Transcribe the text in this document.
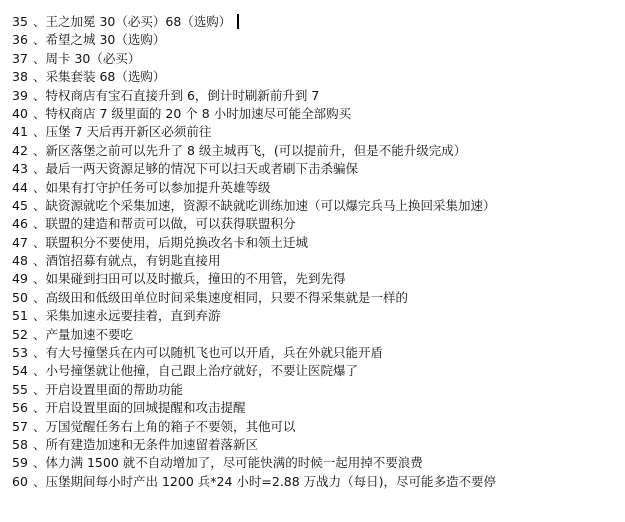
35 、王之加冕 30（必买）68（选购）
36 、希望之城 30（选购）
37 、周卡 30（必买）
38 、采集套装 68（选购）
39 、特权商店有宝石直接升到 6，倒计时刷新前升到 7
40 、特权商店 7 级里面的 20 个 8 小时加速尽可能全部购买
41 、压堡 7 天后再开新区必须前往
42 、新区落堡之前可以先升了 8 级主城再飞，(可以提前升，但是不能升级完成）
43 、最后一两天资源足够的情况下可以扫天或者刷下击杀骗保
44 、如果有打守护任务可以参加提升英雄等级
45 、缺资源就吃个采集加速，资源不缺就吃训练加速（可以爆完兵马上换回采集加速）
46 、联盟的建造和帮贡可以做，可以获得联盟积分
47 、联盟积分不要使用，后期兑换改名卡和领土迁城
48 、酒馆招募有就点，有钥匙直接用
49 、如果碰到扫田可以及时撤兵，撞田的不用管，先到先得
50 、高级田和低级田单位时间采集速度相同，只要不得采集就是一样的
51 、采集加速永远要挂着，直到弃游
52 、产量加速不要吃
53 、有大号撞堡兵在内可以随机飞也可以开盾，兵在外就只能开盾
54 、小号撞堡就让他撞，自己跟上治疗就好，不要让医院爆了
55 、开启设置里面的帮助功能
56 、开启设置里面的回城提醒和攻击提醒
57 、万国觉醒任务右上角的箱子不要领，其他可以
58 、所有建造加速和无条件加速留着落新区
59 、体力满 1500 就不自动增加了，尽可能快满的时候一起用掉不要浪费
60 、压堡期间每小时产出 1200 兵*24 小时=2.88 万战力（每日)，尽可能多造不要停
